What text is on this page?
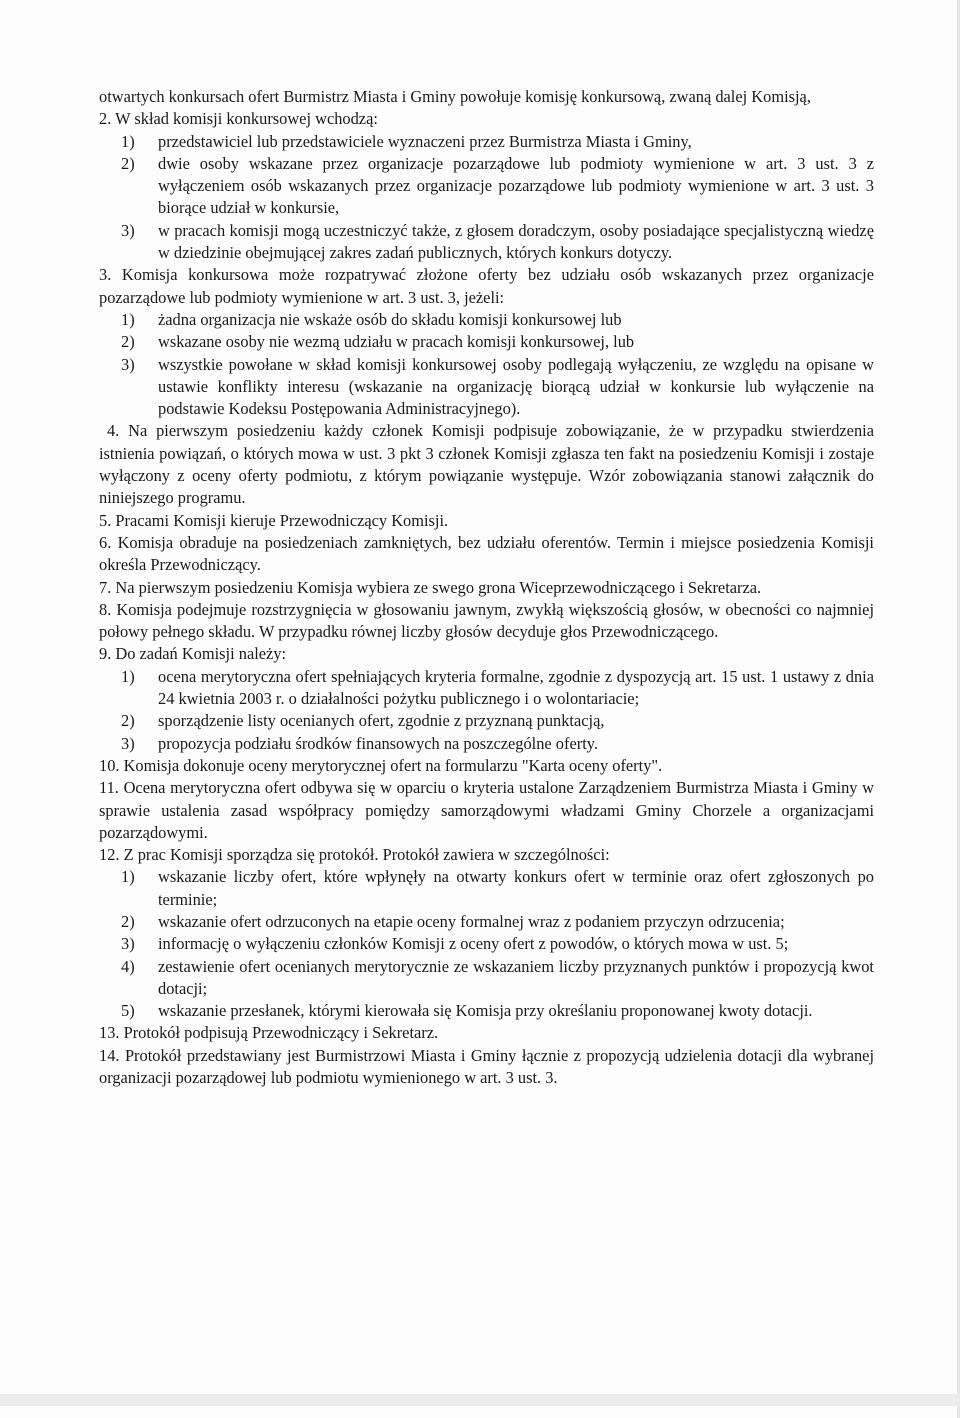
otwartych konkursach ofert Burmistrz Miasta i Gminy powołuje komisję konkursową, zwaną dalej Komisją,

2. W skład komisji konkursowej wchodzą:

1)	przedstawiciel lub przedstawiciele wyznaczeni przez Burmistrza Miasta i Gminy,
2)	dwie osoby wskazane przez organizacje pozarządowe lub podmioty wymienione w art. 3 ust. 3 z wyłączeniem osób wskazanych przez organizacje pozarządowe lub podmioty wymienione w art. 3 ust. 3 biorące udział w konkursie,
3)	w pracach komisji mogą uczestniczyć także, z głosem doradczym, osoby posiadające specjalistyczną wiedzę w dziedzinie obejmującej zakres zadań publicznych, których konkurs dotyczy.

3. Komisja konkursowa może rozpatrywać złożone oferty bez udziału osób wskazanych przez organizacje pozarządowe lub podmioty wymienione w art. 3 ust. 3, jeżeli:

1)	żadna organizacja nie wskaże osób do składu komisji konkursowej lub
2)	wskazane osoby nie wezmą udziału w pracach komisji konkursowej, lub
3)	wszystkie powołane w skład komisji konkursowej osoby podlegają wyłączeniu, ze względu na opisane w ustawie konflikty interesu (wskazanie na organizację biorącą udział w konkursie lub wyłączenie na podstawie Kodeksu Postępowania Administracyjnego).

4. Na pierwszym posiedzeniu każdy członek Komisji podpisuje zobowiązanie, że w przypadku stwierdzenia istnienia powiązań, o których mowa w ust. 3 pkt 3 członek Komisji zgłasza ten fakt na posiedzeniu Komisji i zostaje wyłączony z oceny oferty podmiotu, z którym powiązanie występuje. Wzór zobowiązania stanowi załącznik do niniejszego programu.

5. Pracami Komisji kieruje Przewodniczący Komisji.

6. Komisja obraduje na posiedzeniach zamkniętych, bez udziału oferentów. Termin i miejsce posiedzenia Komisji określa Przewodniczący.

7. Na pierwszym posiedzeniu Komisja wybiera ze swego grona Wiceprzewodniczącego i Sekretarza.

8. Komisja podejmuje rozstrzygnięcia w głosowaniu jawnym, zwykłą większością głosów, w obecności co najmniej połowy pełnego składu. W przypadku równej liczby głosów decyduje głos Przewodniczącego.

9. Do zadań Komisji należy:

1)	ocena merytoryczna ofert spełniających kryteria formalne, zgodnie z dyspozycją art. 15 ust. 1 ustawy z dnia 24 kwietnia 2003 r. o działalności pożytku publicznego i o wolontariacie;
2)	sporządzenie listy ocenianych ofert, zgodnie z przyznaną punktacją,
3)	propozycja podziału środków finansowych na poszczególne oferty.

10. Komisja dokonuje oceny merytorycznej ofert na formularzu "Karta oceny oferty".

11. Ocena merytoryczna ofert odbywa się w oparciu o kryteria ustalone Zarządzeniem Burmistrza Miasta i Gminy w sprawie ustalenia zasad współpracy pomiędzy samorządowymi władzami Gminy Chorzele a organizacjami pozarządowymi.

12. Z prac Komisji sporządza się protokół. Protokół zawiera w szczególności:

1)	wskazanie liczby ofert, które wpłynęły na otwarty konkurs ofert w terminie oraz ofert zgłoszonych po terminie;
2)	wskazanie ofert odrzuconych na etapie oceny formalnej wraz z podaniem przyczyn odrzucenia;
3)	informację o wyłączeniu członków Komisji z oceny ofert z powodów, o których mowa w ust. 5;
4)	zestawienie ofert ocenianych merytorycznie ze wskazaniem liczby przyznanych punktów i propozycją kwot dotacji;
5)	wskazanie przesłanek, którymi kierowała się Komisja przy określaniu proponowanej kwoty dotacji.

13. Protokół podpisują Przewodniczący i Sekretarz.

14. Protokół przedstawiany jest Burmistrzowi Miasta i Gminy łącznie z propozycją udzielenia dotacji dla wybranej organizacji pozarządowej lub podmiotu wymienionego w art. 3 ust. 3.
